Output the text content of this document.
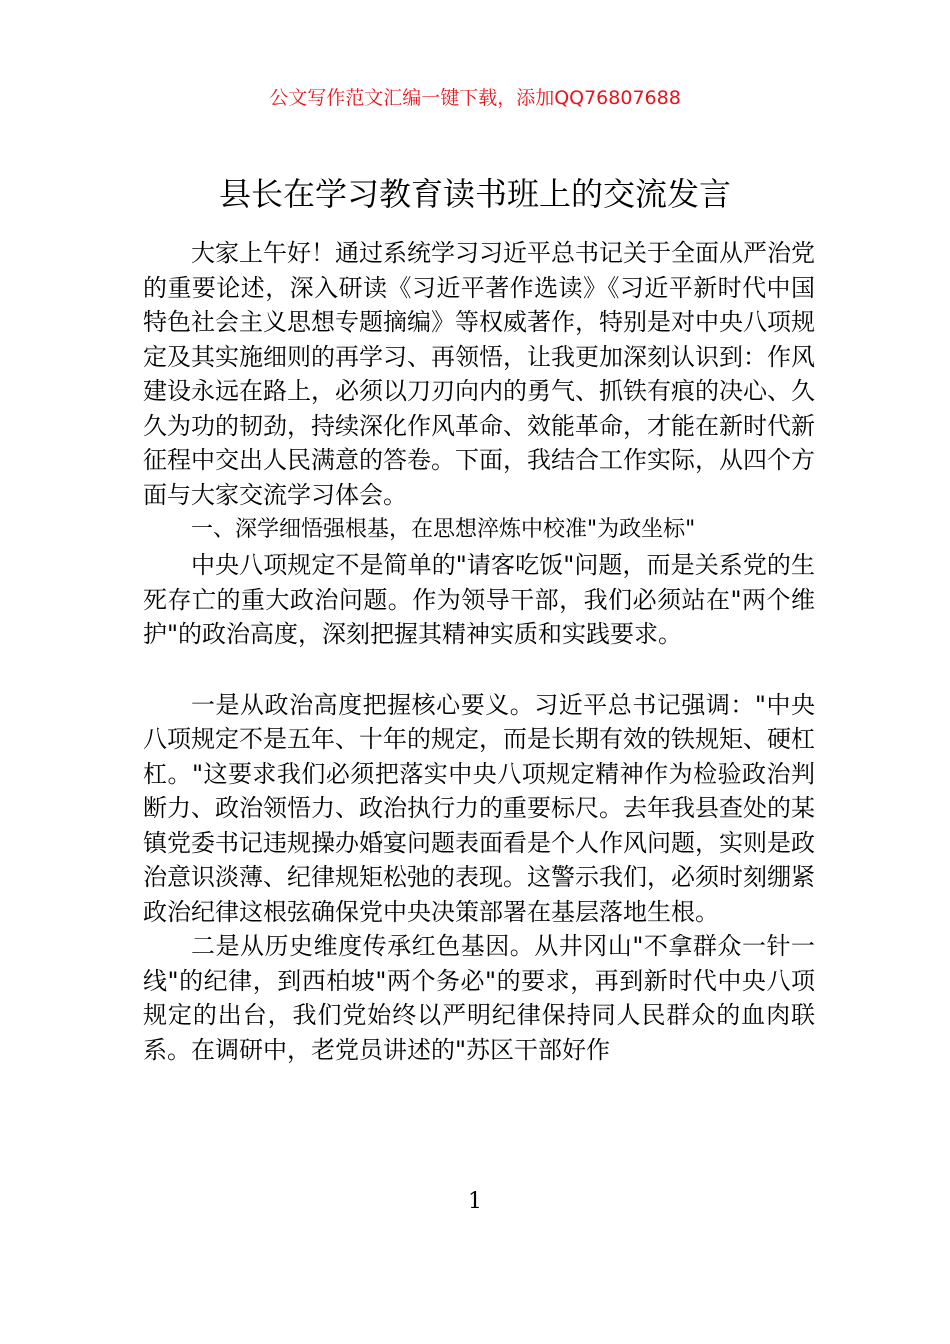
公文写作范文汇编一键下载，添加QQ76807688
县长在学习教育读书班上的交流发言

大家上午好！通过系统学习习近平总书记关于全面从严治党的重要论述，深入研读《习近平著作选读》《习近平新时代中国特色社会主义思想专题摘编》等权威著作，特别是对中央八项规定及其实施细则的再学习、再领悟，让我更加深刻认识到：作风建设永远在路上，必须以刀刃向内的勇气、抓铁有痕的决心、久久为功的韧劲，持续深化作风革命、效能革命，才能在新时代新征程中交出人民满意的答卷。下面，我结合工作实际，从四个方面与大家交流学习体会。

一、深学细悟强根基，在思想淬炼中校准"为政坐标"

中央八项规定不是简单的"请客吃饭"问题，而是关系党的生死存亡的重大政治问题。作为领导干部，我们必须站在"两个维护"的政治高度，深刻把握其精神实质和实践要求。

一是从政治高度把握核心要义。习近平总书记强调："中央八项规定不是五年、十年的规定，而是长期有效的铁规矩、硬杠杠。"这要求我们必须把落实中央八项规定精神作为检验政治判断力、政治领悟力、政治执行力的重要标尺。去年我县查处的某镇党委书记违规操办婚宴问题表面看是个人作风问题，实则是政治意识淡薄、纪律规矩松弛的表现。这警示我们，必须时刻绷紧政治纪律这根弦确保党中央决策部署在基层落地生根。

二是从历史维度传承红色基因。从井冈山"不拿群众一针一线"的纪律，到西柏坡"两个务必"的要求，再到新时代中央八项规定的出台，我们党始终以严明纪律保持同人民群众的血肉联系。在调研中，老党员讲述的"苏区干部好作

1
